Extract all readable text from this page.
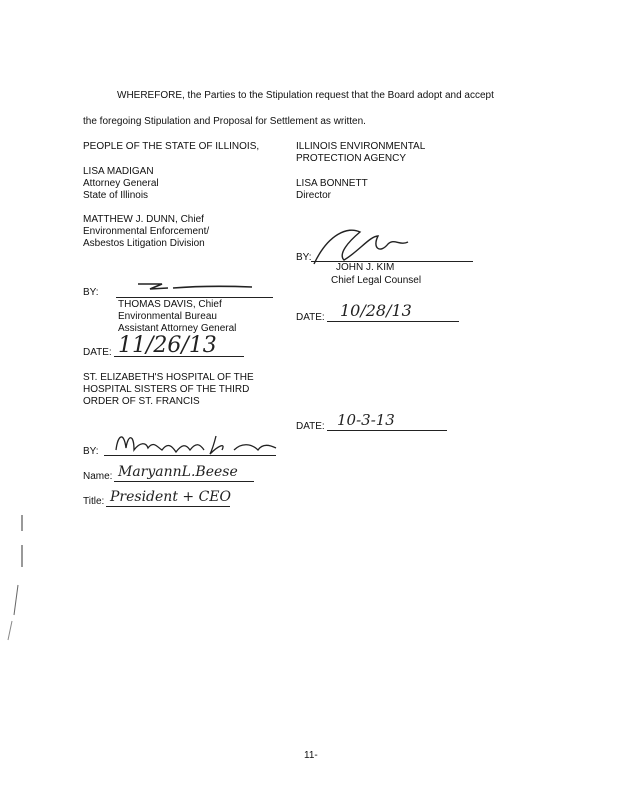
WHEREFORE, the Parties to the Stipulation request that the Board adopt and accept
the foregoing Stipulation and Proposal for Settlement as written.
PEOPLE OF THE STATE OF ILLINOIS,
LISA MADIGAN
Attorney General
State of Illinois
MATTHEW J. DUNN, Chief
Environmental Enforcement/
Asbestos Litigation Division
BY:
THOMAS DAVIS, Chief
Environmental Bureau
Assistant Attorney General
DATE: 11/26/13
ILLINOIS ENVIRONMENTAL
PROTECTION AGENCY
LISA BONNETT
Director
BY:
JOHN J. KIM
Chief Legal Counsel
DATE: 10/28/13
ST. ELIZABETH'S HOSPITAL OF THE
HOSPITAL SISTERS OF THE THIRD
ORDER OF ST. FRANCIS
DATE: 10-3-13
BY:
Name: MaryannL.Beese
Title: President + CEO
11-
